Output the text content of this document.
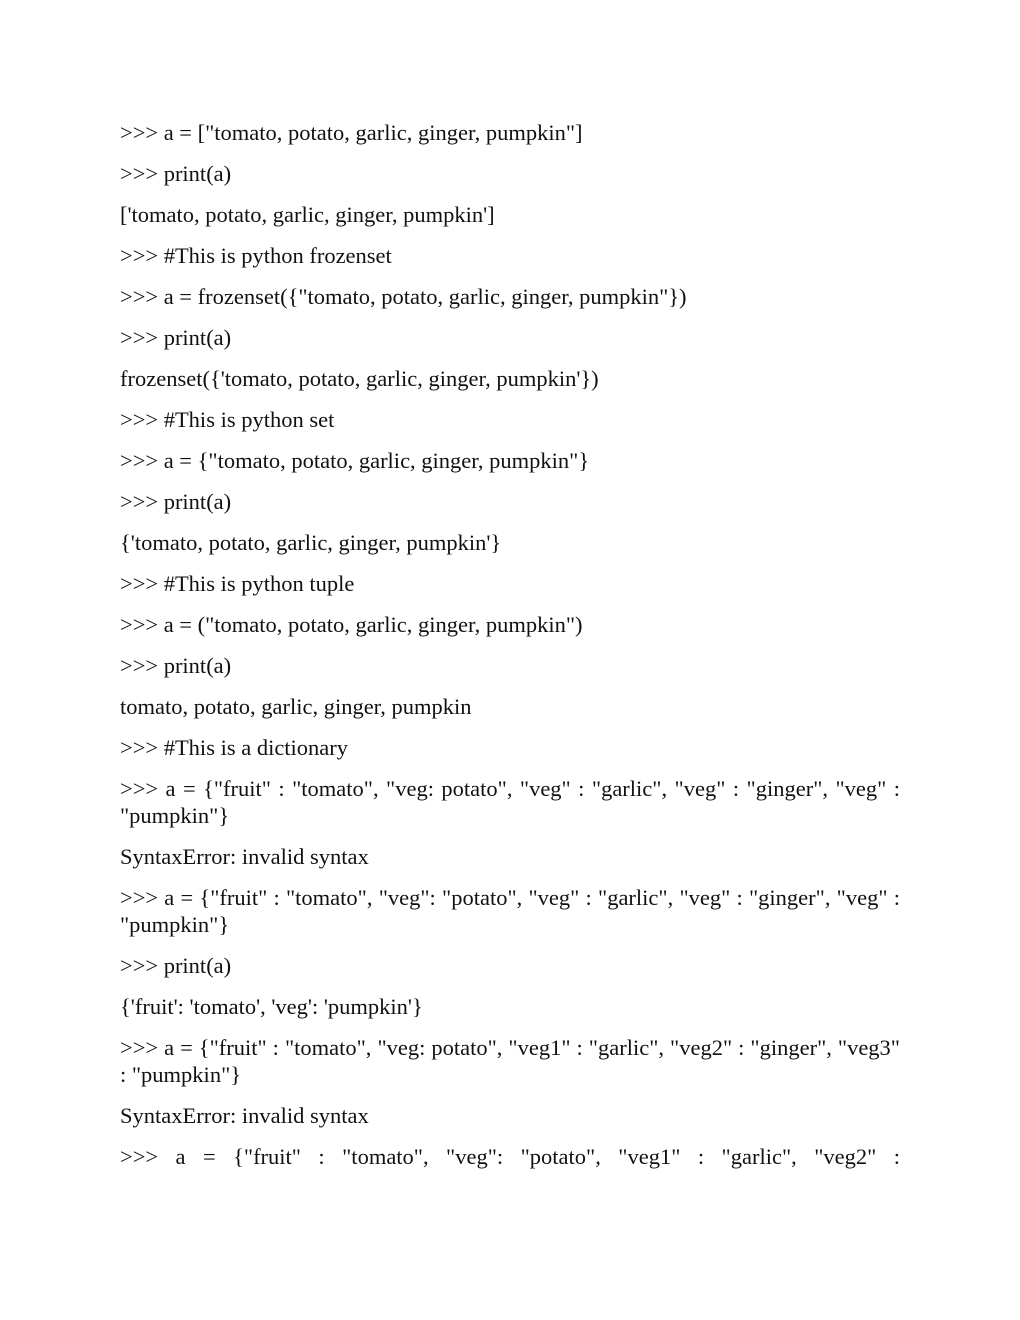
>>> a = ["tomato, potato, garlic, ginger, pumpkin"]

>>> print(a)

['tomato, potato, garlic, ginger, pumpkin']

>>> #This is python frozenset

>>> a = frozenset({"tomato, potato, garlic, ginger, pumpkin"})

>>> print(a)

frozenset({'tomato, potato, garlic, ginger, pumpkin'})

>>> #This is python set

>>> a = {"tomato, potato, garlic, ginger, pumpkin"}

>>> print(a)

{'tomato, potato, garlic, ginger, pumpkin'}

>>> #This is python tuple

>>> a = ("tomato, potato, garlic, ginger, pumpkin")

>>> print(a)

tomato, potato, garlic, ginger, pumpkin

>>> #This is a dictionary

>>> a = {"fruit" : "tomato", "veg: potato", "veg" : "garlic", "veg" : "ginger", "veg" : "pumpkin"}

SyntaxError: invalid syntax

>>> a = {"fruit" : "tomato", "veg": "potato", "veg" : "garlic", "veg" : "ginger", "veg" : "pumpkin"}

>>> print(a)

{'fruit': 'tomato', 'veg': 'pumpkin'}

>>> a = {"fruit" : "tomato", "veg: potato", "veg1" : "garlic", "veg2" : "ginger", "veg3" : "pumpkin"}

SyntaxError: invalid syntax

>>> a = {"fruit" : "tomato", "veg": "potato", "veg1" : "garlic", "veg2" :
